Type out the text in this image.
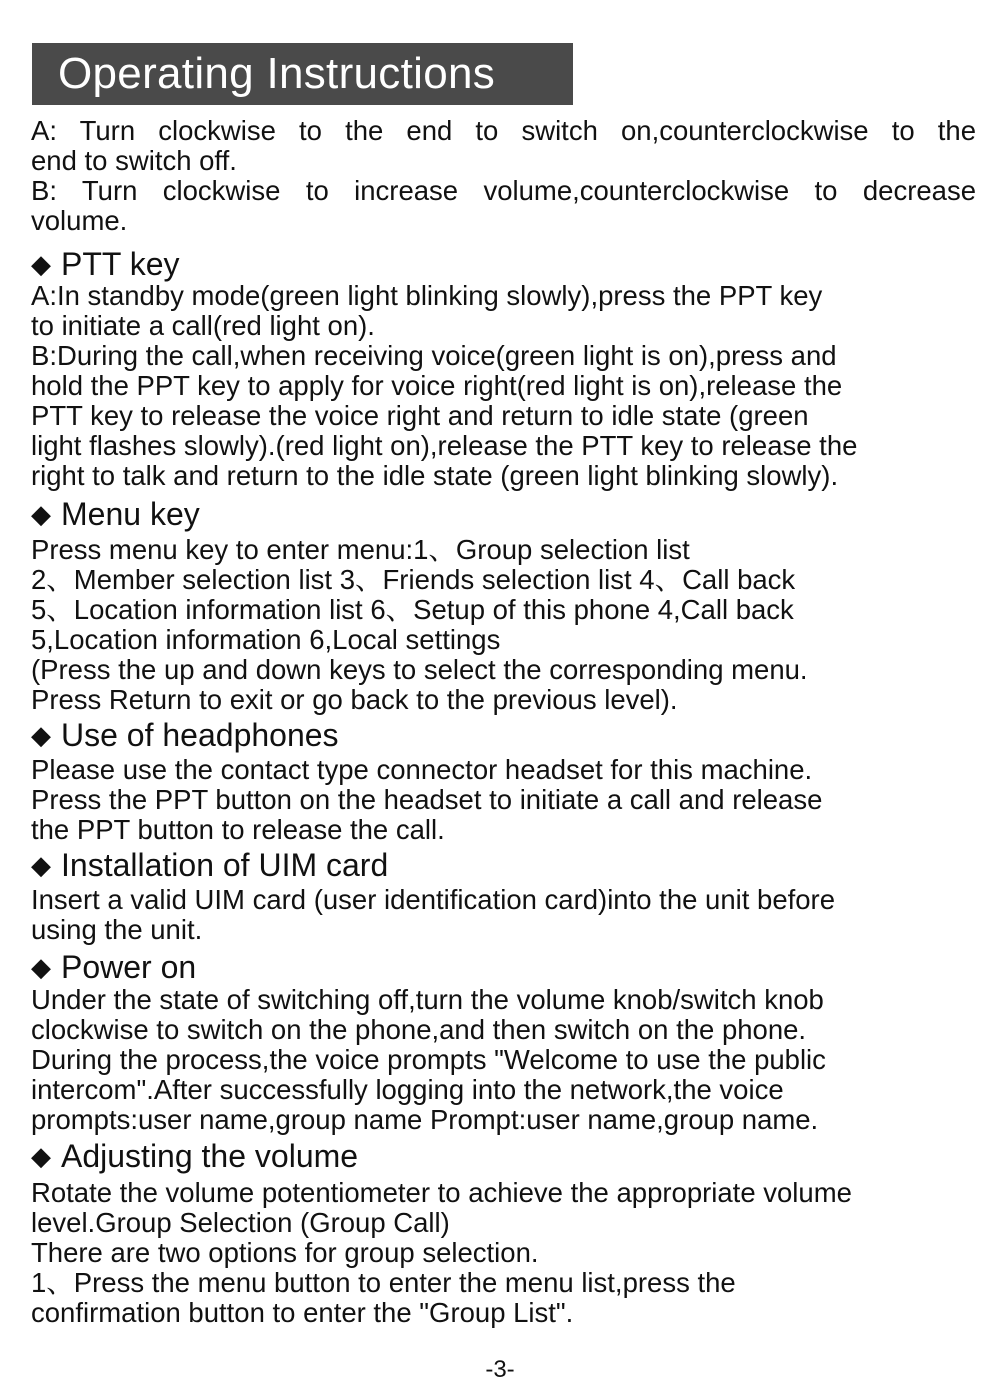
Operating Instructions
A: Turn clockwise to the end to switch on,counterclockwise to the
end to switch off.
B: Turn clockwise to increase volume,counterclockwise to decrease
volume.
◆ PTT key
A:In standby mode(green light blinking slowly),press the PPT key
to initiate a call(red light on).
B:During the call,when receiving voice(green light is on),press and
hold the PPT key to apply for voice right(red light is on),release the
PTT key to release the voice right and return to idle state (green
light flashes slowly).(red light on),release the PTT key to release the
right to talk and return to the idle state (green light blinking slowly).
◆ Menu key
Press menu key to enter menu:1、Group selection list
2、Member selection list 3、Friends selection list 4、Call back
5、Location information list 6、Setup of this phone 4,Call back
5,Location information 6,Local settings
(Press the up and down keys to select the corresponding menu.
Press Return to exit or go back to the previous level).
◆ Use of headphones
Please use the contact type connector headset for this machine.
Press the PPT button on the headset to initiate a call and release
the PPT button to release the call.
◆ Installation of UIM card
Insert a valid UIM card (user identification card)into the unit before
using the unit.
◆ Power on
Under the state of switching off,turn the volume knob/switch knob
clockwise to switch on the phone,and then switch on the phone.
During the process,the voice prompts "Welcome to use the public
intercom".After successfully logging into the network,the voice
prompts:user name,group name Prompt:user name,group name.
◆ Adjusting the volume
Rotate the volume potentiometer to achieve the appropriate volume
level.Group Selection (Group Call)
There are two options for group selection.
1、Press the menu button to enter the menu list,press the
confirmation button to enter the "Group List".
-3-
